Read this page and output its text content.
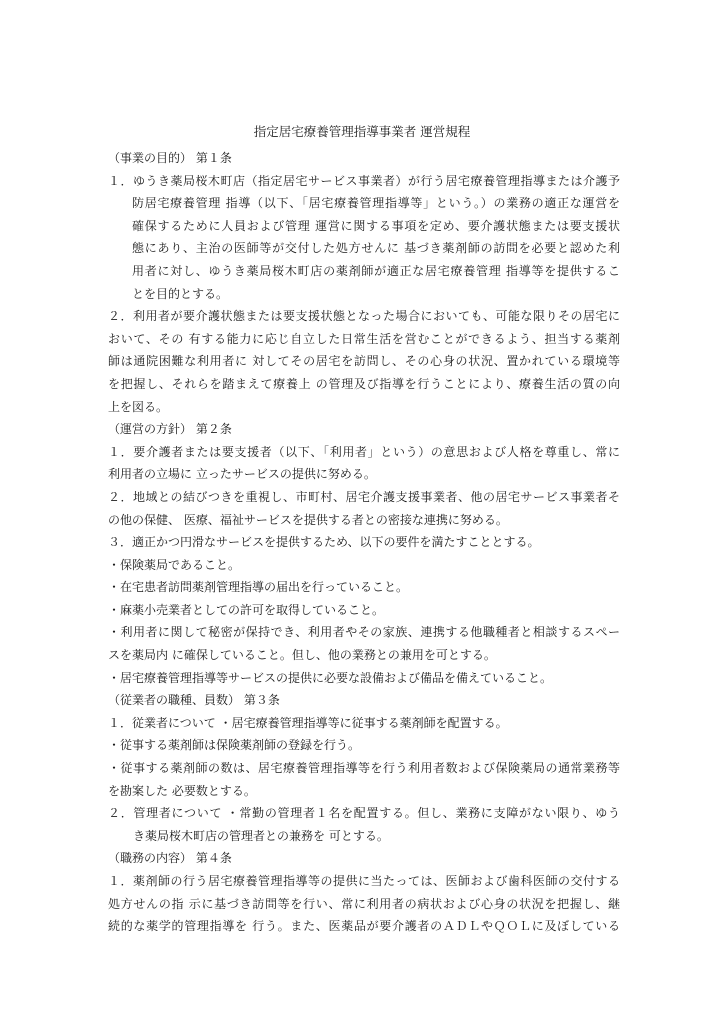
指定居宅療養管理指導事業者 運営規程
（事業の目的） 第１条
１．ゆうき薬局桜木町店（指定居宅サービス事業者）が行う居宅療養管理指導または介護予
防居宅療養管理 指導（以下、「居宅療養管理指導等」という。）の業務の適正な運営を
確保するために人員および管理 運営に関する事項を定め、要介護状態または要支援状
態にあり、主治の医師等が交付した処方せんに 基づき薬剤師の訪問を必要と認めた利
用者に対し、ゆうき薬局桜木町店の薬剤師が適正な居宅療養管理 指導等を提供するこ
とを目的とする。
２．利用者が要介護状態または要支援状態となった場合においても、可能な限りその居宅に
おいて、その 有する能力に応じ自立した日常生活を営むことができるよう、担当する薬剤
師は通院困難な利用者に 対してその居宅を訪問し、その心身の状況、置かれている環境等
を把握し、それらを踏まえて療養上 の管理及び指導を行うことにより、療養生活の質の向
上を図る。
（運営の方針） 第２条
１．要介護者または要支援者（以下、「利用者」という）の意思および人格を尊重し、常に
利用者の立場に 立ったサービスの提供に努める。
２．地域との結びつきを重視し、市町村、居宅介護支援事業者、他の居宅サービス事業者そ
の他の保健、 医療、福祉サービスを提供する者との密接な連携に努める。
３．適正かつ円滑なサービスを提供するため、以下の要件を満たすこととする。
・保険薬局であること。
・在宅患者訪問薬剤管理指導の届出を行っていること。
・麻薬小売業者としての許可を取得していること。
・利用者に関して秘密が保持でき、利用者やその家族、連携する他職種者と相談するスペー
スを薬局内 に確保していること。但し、他の業務との兼用を可とする。
・居宅療養管理指導等サービスの提供に必要な設備および備品を備えていること。
（従業者の職種、員数） 第３条
１．従業者について ・居宅療養管理指導等に従事する薬剤師を配置する。
・従事する薬剤師は保険薬剤師の登録を行う。
・従事する薬剤師の数は、居宅療養管理指導等を行う利用者数および保険薬局の通常業務等
を勘案した 必要数とする。
２．管理者について ・常勤の管理者１名を配置する。但し、業務に支障がない限り、ゆう
き薬局桜木町店の管理者との兼務を 可とする。
（職務の内容） 第４条
１．薬剤師の行う居宅療養管理指導等の提供に当たっては、医師および歯科医師の交付する
処方せんの指 示に基づき訪問等を行い、常に利用者の病状および心身の状況を把握し、継
続的な薬学的管理指導を 行う。また、医薬品が要介護者のＡＤＬやＱＯＬに及ぼしている
